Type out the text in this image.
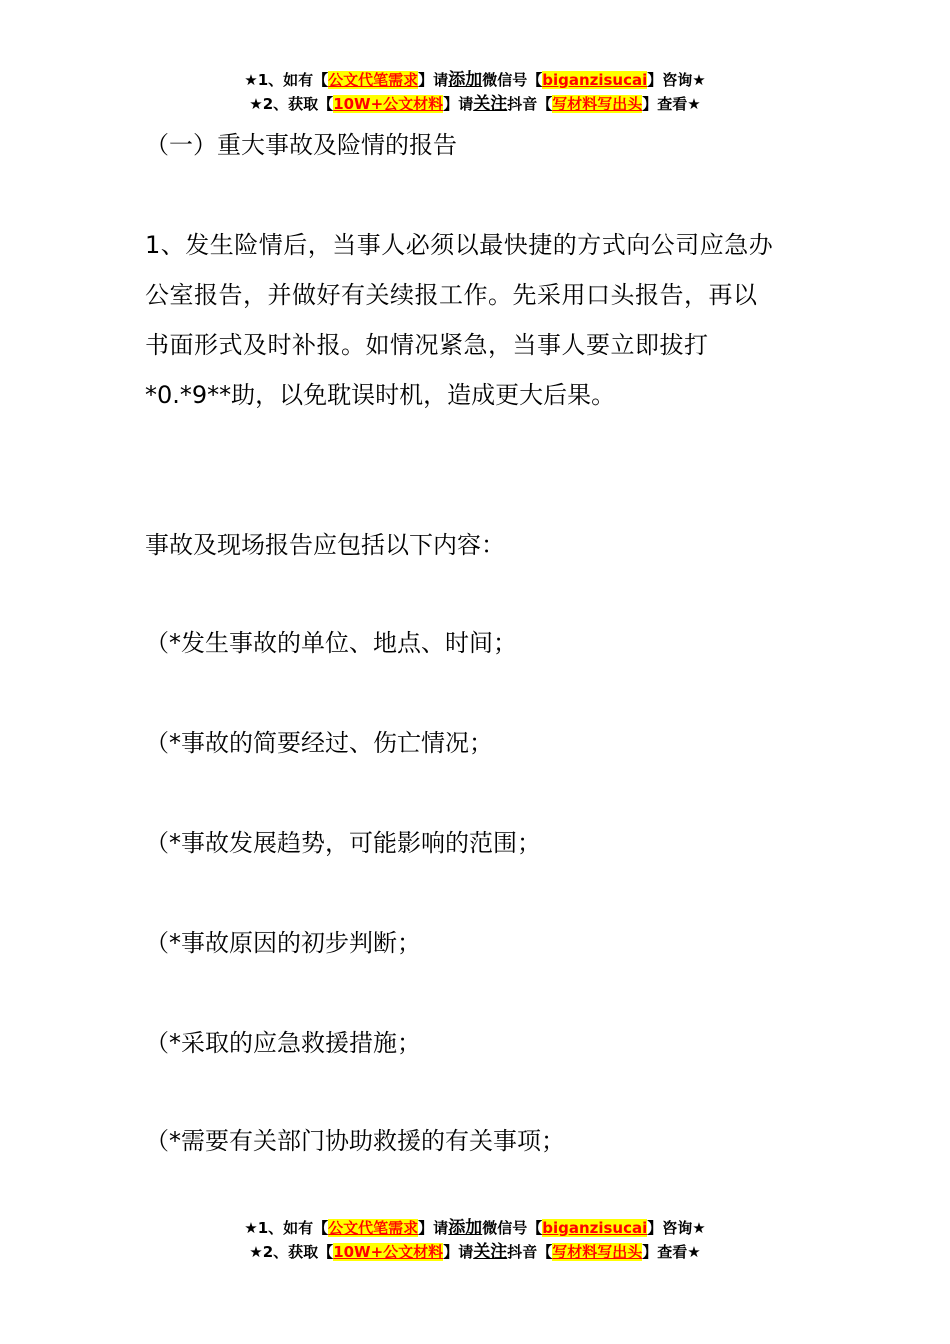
★1、如有【公文代笔需求】请添加微信号【biganzisucai】咨询★
★2、获取【10W+公文材料】请关注抖音【写材料写出头】查看★
（一）重大事故及险情的报告
1、发生险情后，当事人必须以最快捷的方式向公司应急办
公室报告，并做好有关续报工作。先采用口头报告，再以
书面形式及时补报。如情况紧急，当事人要立即拔打
*0.*9**助，以免耽误时机，造成更大后果。
事故及现场报告应包括以下内容：
（*发生事故的单位、地点、时间；
（*事故的简要经过、伤亡情况；
（*事故发展趋势，可能影响的范围；
（*事故原因的初步判断；
（*采取的应急救援措施；
（*需要有关部门协助救援的有关事项；
★1、如有【公文代笔需求】请添加微信号【biganzisucai】咨询★
★2、获取【10W+公文材料】请关注抖音【写材料写出头】查看★
